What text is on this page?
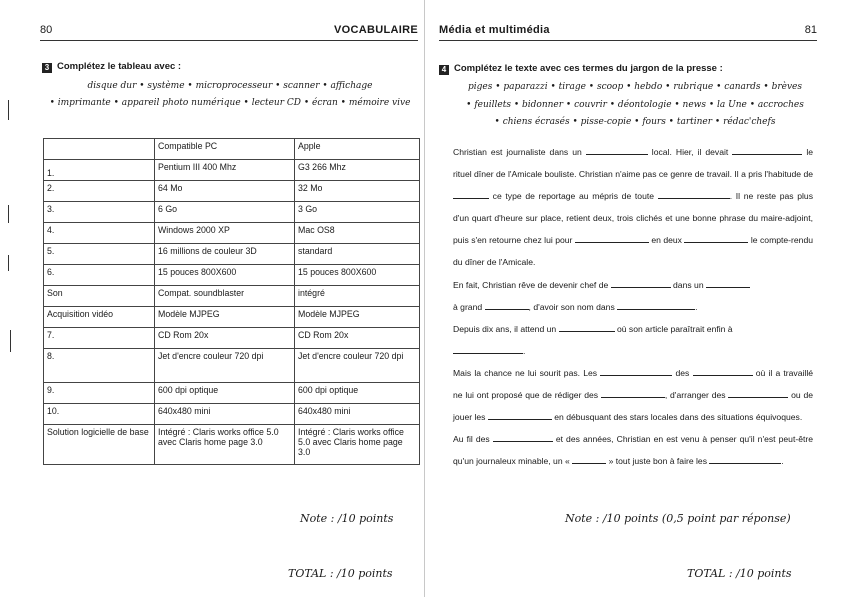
80	VOCABULAIRE
3 Complétez le tableau avec :
disque dur • système • microprocesseur • scanner • affichage
• imprimante • appareil photo numérique • lecteur CD • écran • mémoire vive
	Compatible PC	Apple
1.	Pentium III 400 Mhz	G3 266 Mhz
2.	64 Mo	32 Mo
3.	6 Go	3 Go
4.	Windows 2000 XP	Mac OS8
5.	16 millions de couleur 3D	standard
6.	15 pouces 800X600	15 pouces 800X600
Son	Compat. soundblaster	intégré
Acquisition vidéo	Modèle MJPEG	Modèle MJPEG
7.	CD Rom 20x	CD Rom 20x
8.	Jet d'encre couleur 720 dpi	Jet d'encre couleur 720 dpi
9.	600 dpi optique	600 dpi optique
10.	640x480 mini	640x480 mini
Solution logicielle de base	Intégré : Claris works office 5.0 avec Claris home page 3.0	Intégré : Claris works office 5.0 avec Claris home page 3.0
Note : /10 points
TOTAL : /10 points
Média et multimédia	81
4 Complétez le texte avec ces termes du jargon de la presse :
piges • paparazzi • tirage • scoop • hebdo • rubrique • canards • brèves
• feuillets • bidonner • couvrir • déontologie • news • la Une • accroches
• chiens écrasés • pisse-copie • fours • tartiner • rédac'chefs

Christian est journaliste dans un	local. Hier, il devait	le rituel dîner de l'Amicale bouliste. Christian n'aime pas ce genre de travail. Il a pris l'habitude de  ce type de reportage au mépris de toute	. Il ne reste pas plus d'un quart d'heure sur place, retient deux, trois clichés et une bonne phrase du maire-adjoint, puis s'en retourne chez lui pour	en deux	le compte-rendu du dîner de l'Amicale.

En fait, Christian rêve de devenir chef de	dans un
à grand	, d'avoir son nom dans	.

Depuis dix ans, il attend un	où son article paraîtrait enfin à
.

Mais la chance ne lui sourit pas. Les	des	où il a travaillé ne lui ont proposé que de rédiger des	, d'arranger des	ou de jouer les	en débusquant des stars locales dans des situations équivoques.

Au fil des	et des années, Christian en est venu à penser qu'il n'est peut-être qu'un journaleux minable, un «	» tout juste bon à faire les	.

Note : /10 points (0,5 point par réponse)
TOTAL : /10 points
